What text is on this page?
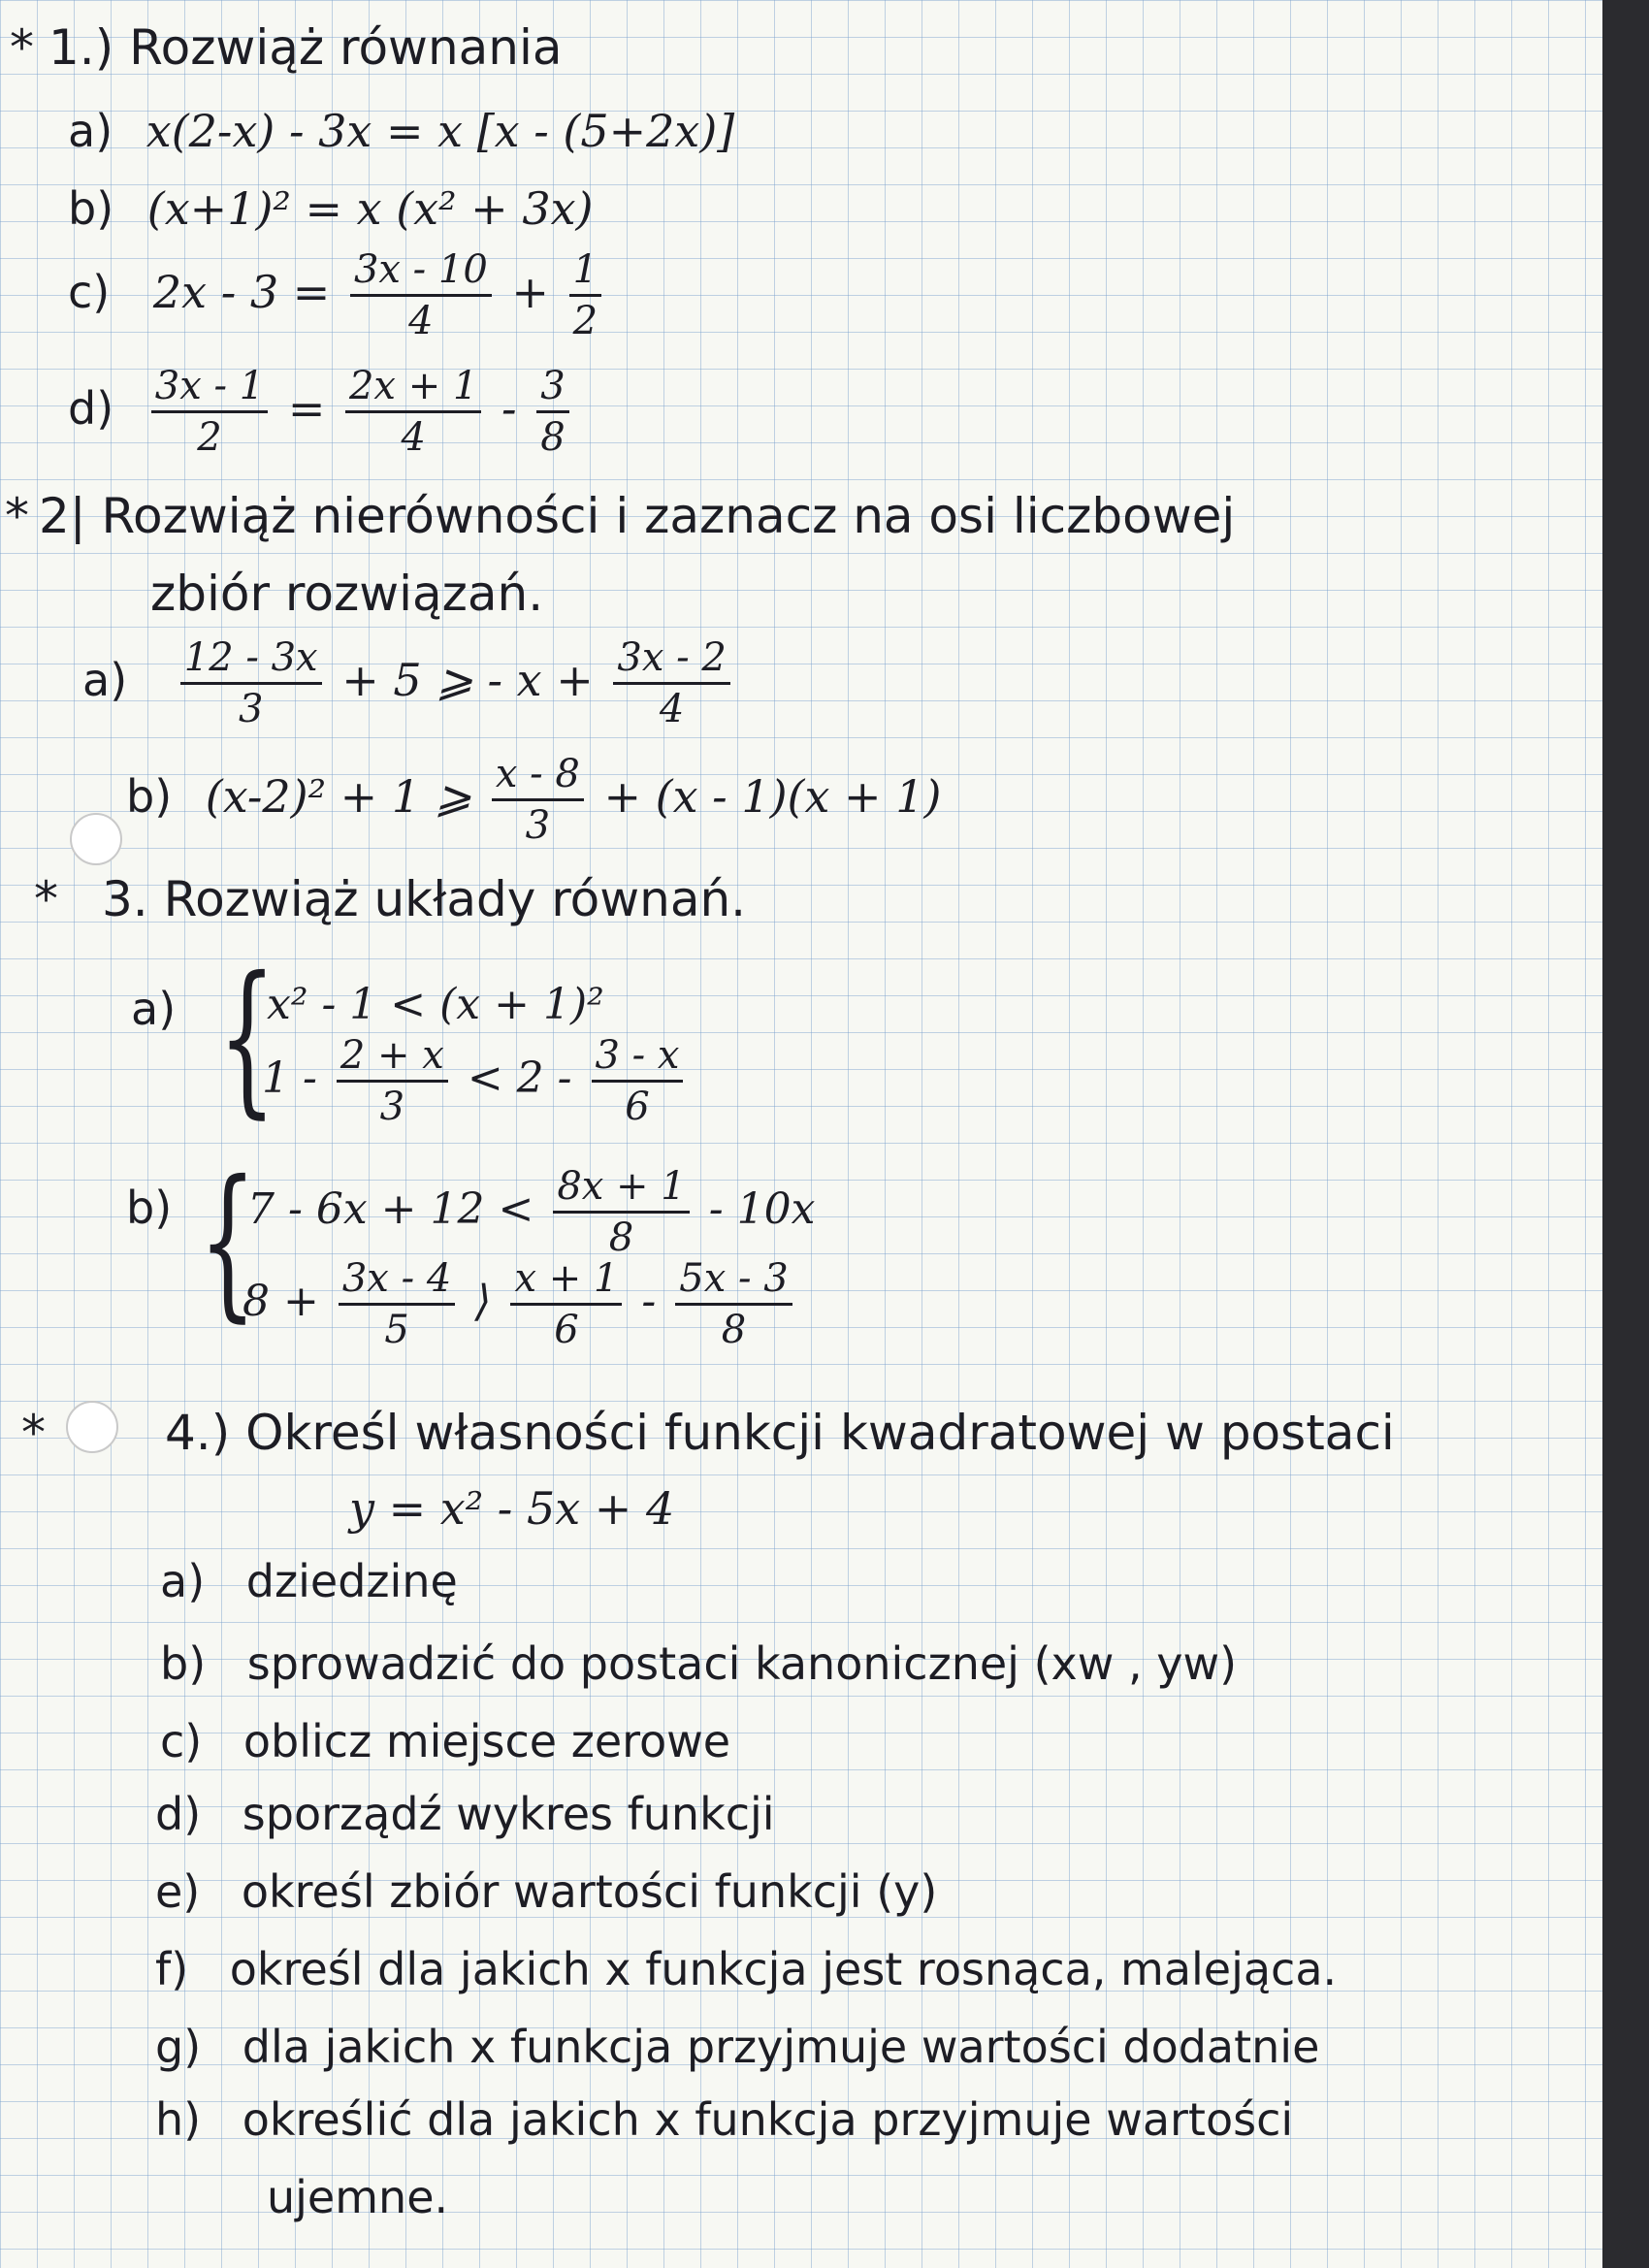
* 1.) Rozwiąż równania
a) x(2-x) - 3x = x [x - (5+2x)]
b) (x+1)² = x (x² + 3x)
c) $2x - 3 = \frac{3x - 10}{4} + \frac{1}{2}$
$d) \frac{3x - 1}{2} = \frac{2x + 1}{4} - \frac{3}{8}$
* 2| Rozwiąż nierówności i zaznacz na osi liczbowej
zbiór rozwiązań.
$a) \frac{12 - 3x}{3} + 5$ ⩾ - $x + \frac{3x - 2}{4}$
b) (x-2)² + 1 ⩾ $\frac{x - 8}{3} + (x - 1)(x + 1)$
* 3. Rozwiąż układy równań.
a) {
x² - 1 < (x + 1)²
$1 - \frac{2 + x}{3} < 2 - \frac{3 - x}{6}$
b) {
$7 - 6x + 12 < \frac{8x + 1}{8} - 10x$
$8 + \frac{3x - 4}{5}$ ⟩ $\frac{x + 1}{6} - \frac{5x - 3}{8}$
* 4.) Określ własności funkcji kwadratowej w postaci
y = x² - 5x + 4
a) dziedzinę
b) sprowadzić do postaci kanonicznej (xw , yw)
c) oblicz miejsce zerowe
d) sporządź wykres funkcji
e) określ zbiór wartości funkcji (y)
f) określ dla jakich x funkcja jest rosnąca, malejąca.
g) dla jakich x funkcja przyjmuje wartości dodatnie
h) określić dla jakich x funkcja przyjmuje wartości
ujemne.
